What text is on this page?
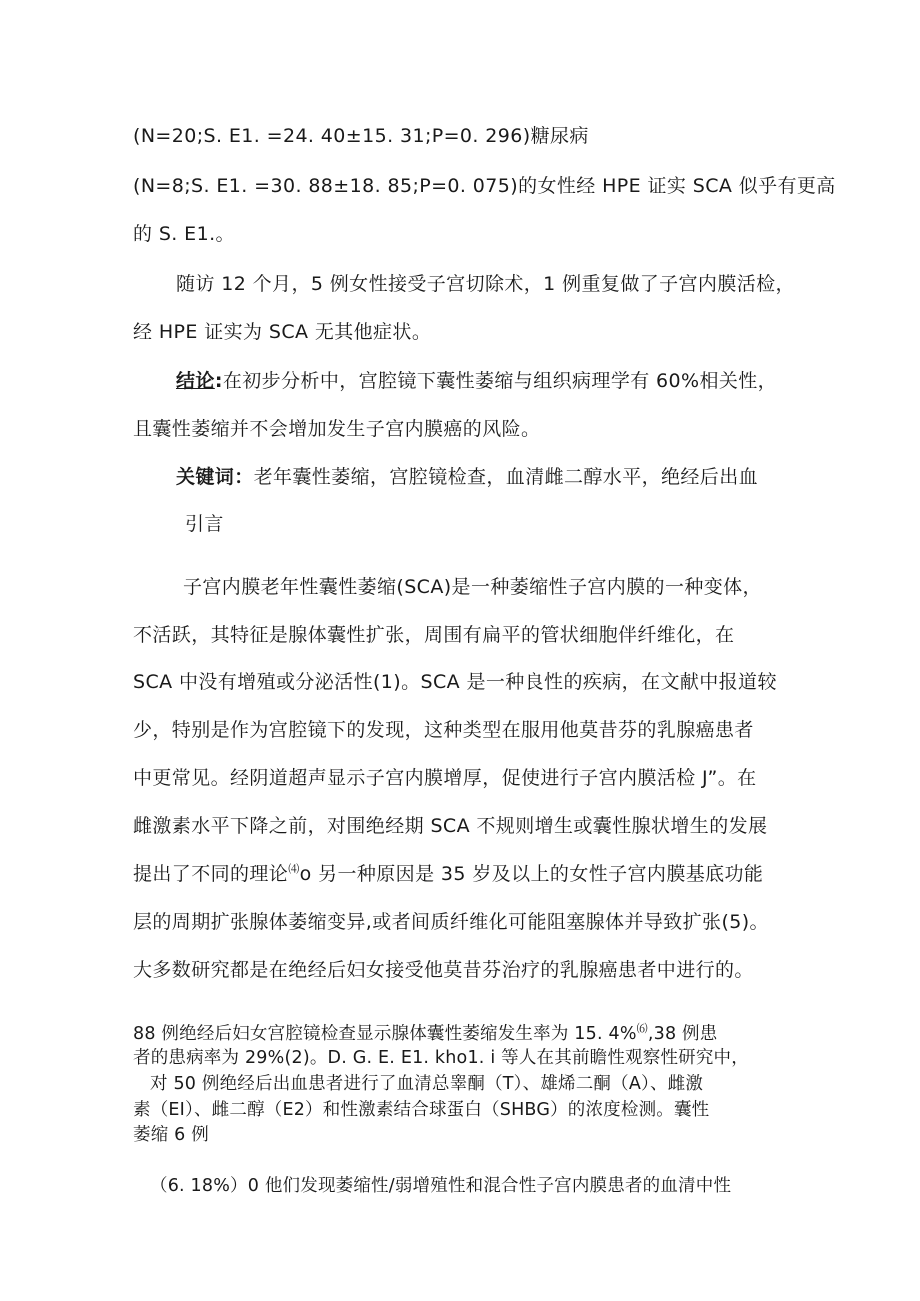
(N=20;S. E1. =24. 40±15. 31;P=0. 296)糖尿病

(N=8;S. E1. =30. 88±18. 85;P=0. 075)的女性经 HPE 证实 SCA 似乎有更高

的 S. E1.。

随访 12 个月，5 例女性接受子宫切除术，1 例重复做了子宫内膜活检，

经 HPE 证实为 SCA 无其他症状。

结论:在初步分析中，宫腔镜下囊性萎缩与组织病理学有 60%相关性，

且囊性萎缩并不会增加发生子宫内膜癌的风险。

关键词：老年囊性萎缩，宫腔镜检查，血清雌二醇水平，绝经后出血

引言

子宫内膜老年性囊性萎缩(SCA)是一种萎缩性子宫内膜的一种变体，

不活跃，其特征是腺体囊性扩张，周围有扁平的管状细胞伴纤维化，在

SCA 中没有增殖或分泌活性(1)。SCA 是一种良性的疾病，在文献中报道较

少，特别是作为宫腔镜下的发现，这种类型在服用他莫昔芬的乳腺癌患者

中更常见。经阴道超声显示子宫内膜增厚，促使进行子宫内膜活检 J”。在

雌激素水平下降之前，对围绝经期 SCA 不规则增生或囊性腺状增生的发展

提出了不同的理论⑷o 另一种原因是 35 岁及以上的女性子宫内膜基底功能

层的周期扩张腺体萎缩变异,或者间质纤维化可能阻塞腺体并导致扩张(5)。

大多数研究都是在绝经后妇女接受他莫昔芬治疗的乳腺癌患者中进行的。

88 例绝经后妇女宫腔镜检查显示腺体囊性萎缩发生率为 15. 4%⑹,38 例患

者的患病率为 29%(2)。D. G. E. E1. kho1. i 等人在其前瞻性观察性研究中，

对 50 例绝经后出血患者进行了血清总睾酮（T）、雄烯二酮（A）、雌激

素（EI）、雌二醇（E2）和性激素结合球蛋白（SHBG）的浓度检测。囊性

萎缩 6 例

（6. 18%）0 他们发现萎缩性/弱增殖性和混合性子宫内膜患者的血清中性
